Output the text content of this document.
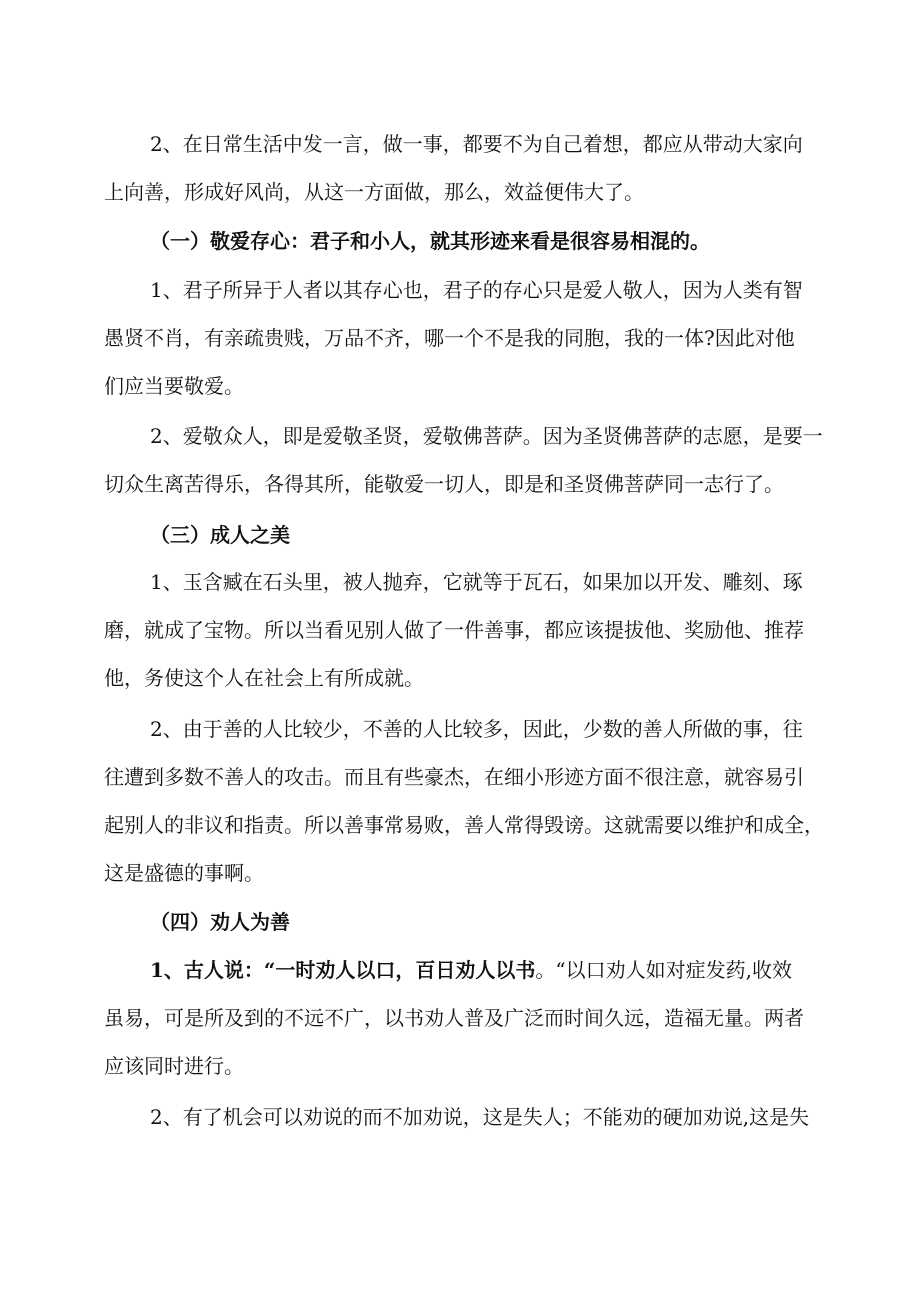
2、在日常生活中发一言，做一事，都要不为自己着想，都应从带动大家向
上向善，形成好风尚，从这一方面做，那么，效益便伟大了。
（一）敬爱存心：君子和小人，就其形迹来看是很容易相混的。
1、君子所异于人者以其存心也，君子的存心只是爱人敬人，因为人类有智
愚贤不肖，有亲疏贵贱，万品不齐，哪一个不是我的同胞，我的一体?因此对他
们应当要敬爱。
2、爱敬众人，即是爱敬圣贤，爱敬佛菩萨。因为圣贤佛菩萨的志愿，是要一
切众生离苦得乐，各得其所，能敬爱一切人，即是和圣贤佛菩萨同一志行了。
（三）成人之美
1、玉含臧在石头里，被人抛弃，它就等于瓦石，如果加以开发、雕刻、琢
磨，就成了宝物。所以当看见别人做了一件善事，都应该提拔他、奖励他、推荐
他，务使这个人在社会上有所成就。
2、由于善的人比较少，不善的人比较多，因此，少数的善人所做的事，往
往遭到多数不善人的攻击。而且有些豪杰，在细小形迹方面不很注意，就容易引
起别人的非议和指责。所以善事常易败，善人常得毁谤。这就需要以维护和成全，
这是盛德的事啊。
（四）劝人为善
1、古人说：“一时劝人以口，百日劝人以书。“以口劝人如对症发药,收效
虽易，可是所及到的不远不广，以书劝人普及广泛而时间久远，造福无量。两者
应该同时进行。
2、有了机会可以劝说的而不加劝说，这是失人；不能劝的硬加劝说,这是失
